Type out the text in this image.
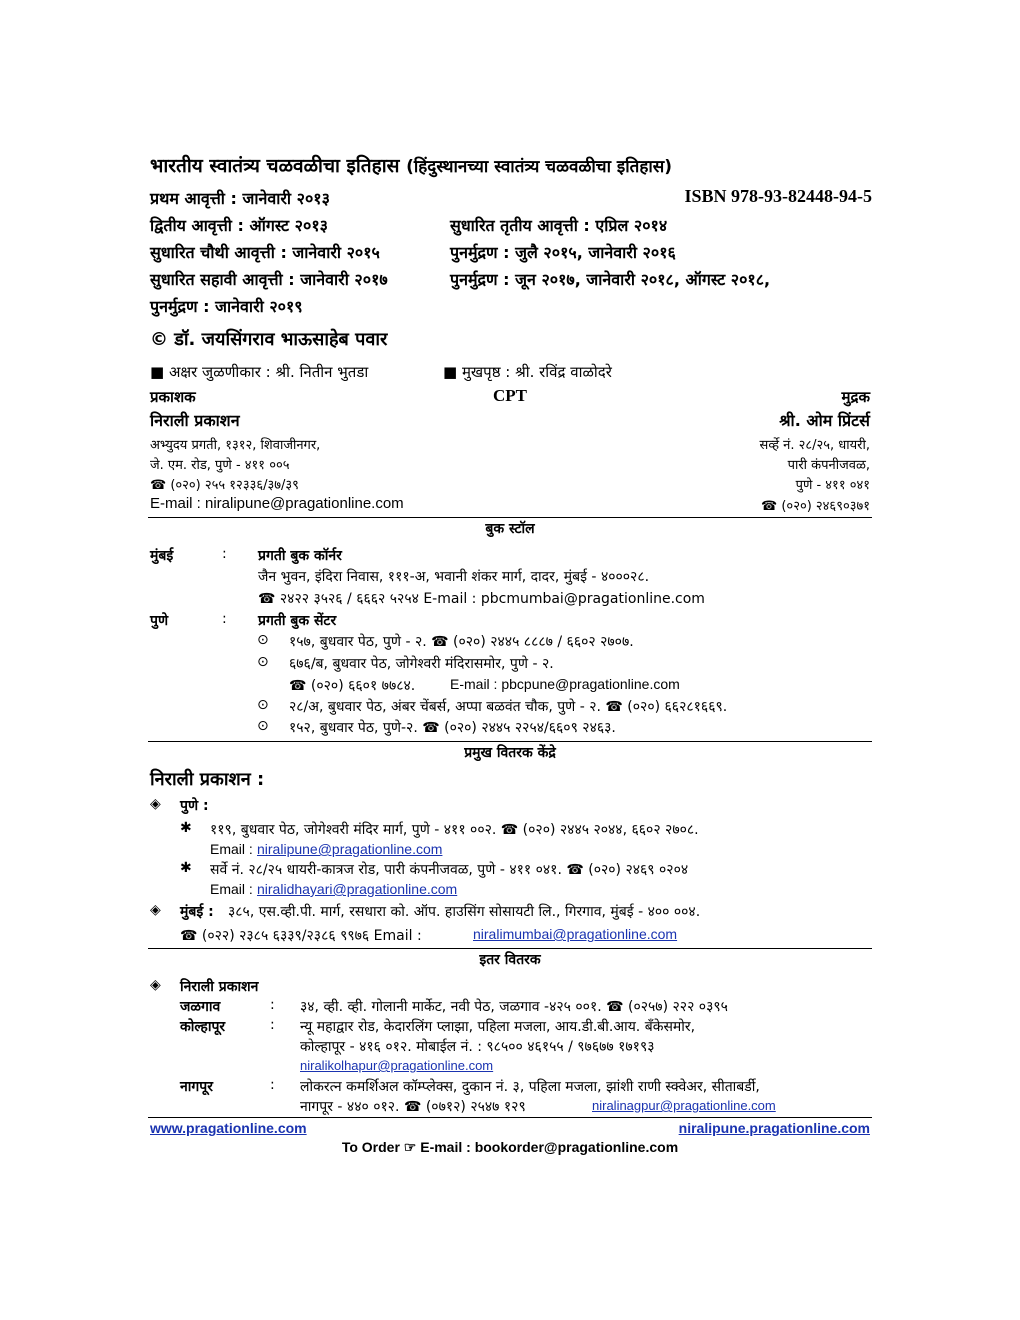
भारतीय स्वातंत्र्य चळवळीचा इतिहास (हिंदुस्थानच्या स्वातंत्र्य चळवळीचा इतिहास)
प्रथम आवृत्ती : जानेवारी २०१३	ISBN 978-93-82448-94-5
द्वितीय आवृत्ती : ऑगस्ट २०१३	सुधारित तृतीय आवृत्ती : एप्रिल २०१४
सुधारित चौथी आवृत्ती : जानेवारी २०१५	पुनर्मुद्रण : जुलै २०१५, जानेवारी २०१६
सुधारित सहावी आवृत्ती : जानेवारी २०१७	पुनर्मुद्रण : जून २०१७, जानेवारी २०१८, ऑगस्ट २०१८,
पुनर्मुद्रण : जानेवारी २०१९
© डॉ. जयसिंगराव भाऊसाहेब पवार
■ अक्षर जुळणीकार : श्री. नितीन भुतडा	■ मुखपृष्ठ : श्री. रविंद्र वाळोदरे
प्रकाशक	CPT	मुद्रक
निराली प्रकाशन	श्री. ओम प्रिंटर्स
अभ्युदय प्रगती, १३१२, शिवाजीनगर,	सर्व्हे नं. २८/२५, धायरी,
जे. एम. रोड, पुणे - ४११ ००५	पारी कंपनीजवळ,
☎ (०२०) २५५ १२३३६/३७/३९	पुणे - ४११ ०४१
E-mail : niralipune@pragationline.com	☎ (०२०) २४६९०३७१
बुक स्टॉल
मुंबई	: प्रगती बुक कॉर्नर
जैन भुवन, इंदिरा निवास, १११-अ, भवानी शंकर मार्ग, दादर, मुंबई - ४०००२८.
☎ २४२२ ३५२६ / ६६६२ ५२५४ E-mail : pbcmumbai@pragationline.com
पुणे	: प्रगती बुक सेंटर
⊙ १५७, बुधवार पेठ, पुणे - २. ☎ (०२०) २४४५ ८८८७ / ६६०२ २७०७.
⊙ ६७६/ब, बुधवार पेठ, जोगेश्वरी मंदिरासमोर, पुणे - २.
☎ (०२०) ६६०१ ७७८४. E-mail : pbcpune@pragationline.com
⊙ २८/अ, बुधवार पेठ, अंबर चेंबर्स, अप्पा बळवंत चौक, पुणे - २. ☎ (०२०) ६६२८१६६९.
⊙ १५२, बुधवार पेठ, पुणे-२. ☎ (०२०) २४४५ २२५४/६६०९ २४६३.
प्रमुख वितरक केंद्रे
निराली प्रकाशन :
◈ पुणे :
✱ ११९, बुधवार पेठ, जोगेश्वरी मंदिर मार्ग, पुणे - ४११ ००२. ☎ (०२०) २४४५ २०४४, ६६०२ २७०८.
Email : niralipune@pragationline.com
✱ सर्वे नं. २८/२५ धायरी-कात्रज रोड, पारी कंपनीजवळ, पुणे - ४११ ०४१. ☎ (०२०) २४६९ ०२०४
Email : niralidhayari@pragationline.com
◈ मुंबई : ३८५, एस.व्ही.पी. मार्ग, रसधारा को. ऑप. हाउसिंग सोसायटी लि., गिरगाव, मुंबई - ४०० ००४.
☎ (०२२) २३८५ ६३३९/२३८६ ९९७६ Email :	niralimumbai@pragationline.com
इतर वितरक
◈ निराली प्रकाशन
जळगाव	: ३४, व्ही. व्ही. गोलानी मार्केट, नवी पेठ, जळगाव -४२५ ००१. ☎ (०२५७) २२२ ०३९५
कोल्हापूर	: न्यू महाद्वार रोड, केदारलिंग प्लाझा, पहिला मजला, आय.डी.बी.आय. बँकेसमोर,
कोल्हापूर - ४१६ ०१२. मोबाईल नं. : ९८५०० ४६१५५ / ९७६७७ १७१९३
niralikolhapur@pragationline.com
नागपूर	: लोकरत्न कमर्शिअल कॉम्प्लेक्स, दुकान नं. ३, पहिला मजला, झांशी राणी स्क्वेअर, सीताबर्डी,
नागपूर - ४४० ०१२. ☎ (०७१२) २५४७ १२९	niralinagpur@pragationline.com
www.pragationline.com	niralipune.pragationline.com
To Order ☞ E-mail : bookorder@pragationline.com
